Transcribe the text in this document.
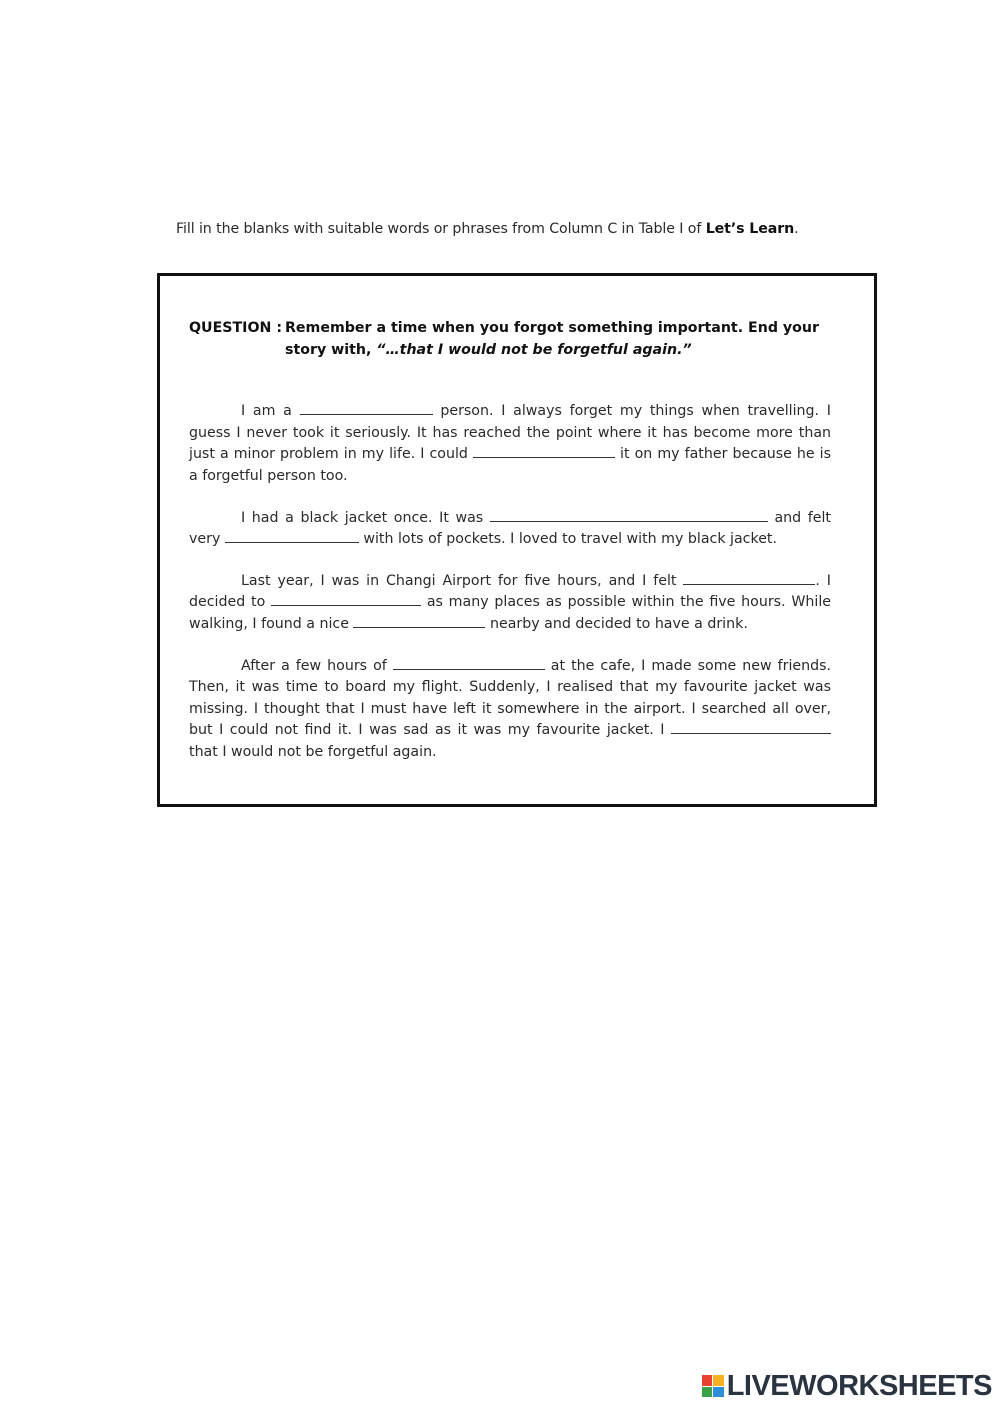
Fill in the blanks with suitable words or phrases from Column C in Table I of Let’s Learn.
QUESTION : Remember a time when you forgot something important. End your story with, “…that I would not be forgetful again.”

I am a	person. I always forget my things when travelling. I guess I never took it seriously. It has reached the point where it has become more than just a minor problem in my life. I could	it on my father because he is a forgetful person too.

I had a black jacket once. It was	and felt very	with lots of pockets. I loved to travel with my black jacket.

Last year, I was in Changi Airport for five hours, and I felt	. I decided to	as many places as possible within the five hours. While walking, I found a nice	nearby and decided to have a drink.

After a few hours of	at the cafe, I made some new friends. Then, it was time to board my flight. Suddenly, I realised that my favourite jacket was missing. I thought that I must have left it somewhere in the airport. I searched all over, but I could not find it. I was sad as it was my favourite jacket. I  that I would not be forgetful again.

LIVEWORKSHEETS
